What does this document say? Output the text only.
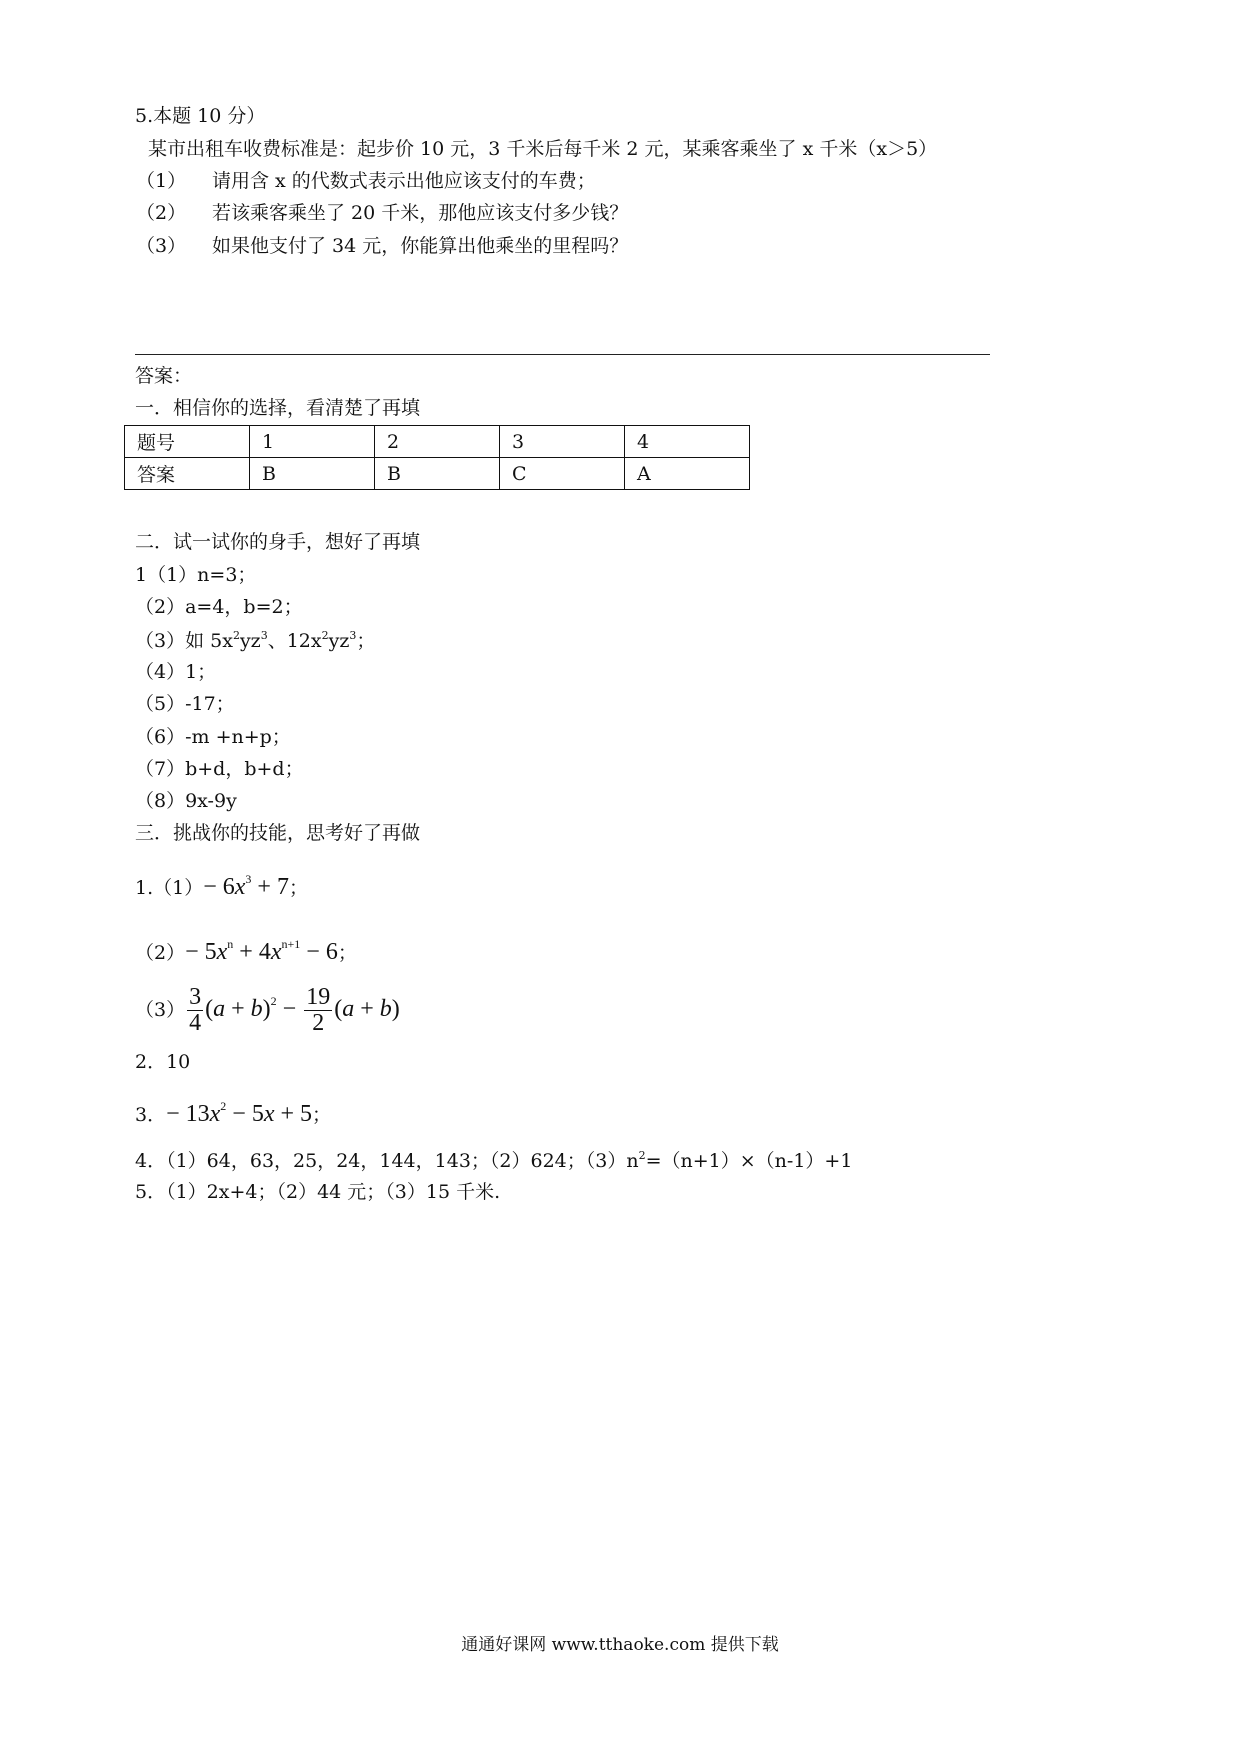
5.本题 10 分）
某市出租车收费标准是：起步价 10 元，3 千米后每千米 2 元，某乘客乘坐了 x 千米（x＞5）
（1） 请用含 x 的代数式表示出他应该支付的车费；
（2） 若该乘客乘坐了 20 千米，那他应该支付多少钱？
（3） 如果他支付了 34 元，你能算出他乘坐的里程吗？
答案：
一．相信你的选择，看清楚了再填
题号	1	2	3	4
答案	B	B	C	A
二．试一试你的身手，想好了再填
1（1）n=3；
（2）a=4，b=2；
（3）如 $5x^2yz^3$、$12x^2yz^3$；
（4）1；
（5）-17；
（6）-m +n+p；
（7）b+d，b+d；
（8）9x-9y
三．挑战你的技能，思考好了再做
$1.(1)- 6x^3 + 7$；
$(2)- 5x^n + 4x^{n+1} - 6$；
$(3) \frac{3}{4} (a + b)^2 - \frac{19}{2} (a + b)$
2．10
3．− $13x^2 - 5x + 5$；
4．（1）64，63，25，24，144，143；（2）624；$(3)n^2=(n+1)\times(n-1)+1$
5．（1）2x+4；（2）44 元；（3）15 千米.
通通好课网 www.tthaoke.com 提供下载
